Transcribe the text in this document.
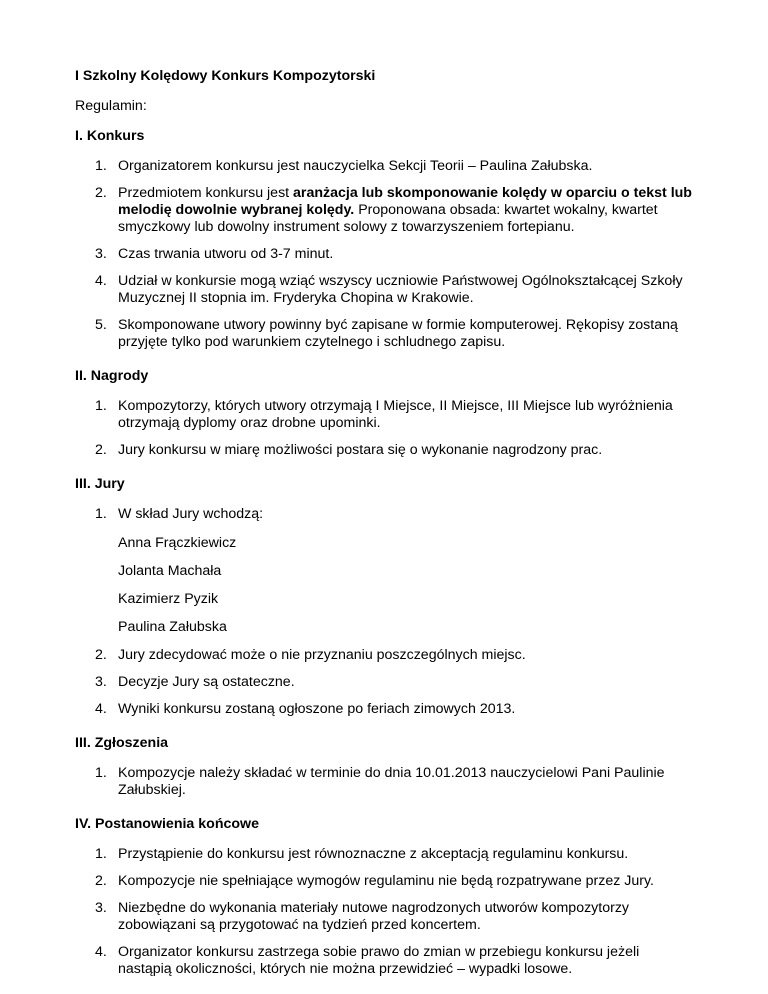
I Szkolny Kolędowy Konkurs Kompozytorski
Regulamin:
I. Konkurs
1. Organizatorem konkursu jest nauczycielka Sekcji Teorii – Paulina Załubska.
2. Przedmiotem konkursu jest aranżacja lub skomponowanie kolędy w oparciu o tekst lub melodię dowolnie wybranej kolędy. Proponowana obsada: kwartet wokalny, kwartet smyczkowy lub dowolny instrument solowy z towarzyszeniem fortepianu.
3. Czas trwania utworu od 3-7 minut.
4. Udział w konkursie mogą wziąć wszyscy uczniowie Państwowej Ogólnokształcącej Szkoły Muzycznej II stopnia im. Fryderyka Chopina w Krakowie.
5. Skomponowane utwory powinny być zapisane w formie komputerowej. Rękopisy zostaną przyjęte tylko pod warunkiem czytelnego i schludnego zapisu.
II. Nagrody
1. Kompozytorzy, których utwory otrzymają I Miejsce, II Miejsce, III Miejsce lub wyróżnienia otrzymają dyplomy oraz drobne upominki.
2. Jury konkursu w miarę możliwości postara się o wykonanie nagrodzony prac.
III. Jury
1. W skład Jury wchodzą:
Anna Frączkiewicz
Jolanta Machała
Kazimierz Pyzik
Paulina Załubska
2. Jury zdecydować może o nie przyznaniu poszczególnych miejsc.
3. Decyzje Jury są ostateczne.
4. Wyniki konkursu zostaną ogłoszone po feriach zimowych 2013.
III. Zgłoszenia
1. Kompozycje należy składać w terminie do dnia 10.01.2013 nauczycielowi Pani Paulinie Załubskiej.
IV. Postanowienia końcowe
1. Przystąpienie do konkursu jest równoznaczne z akceptacją regulaminu konkursu.
2. Kompozycje nie spełniające wymogów regulaminu nie będą rozpatrywane przez Jury.
3. Niezbędne do wykonania materiały nutowe nagrodzonych utworów kompozytorzy zobowiązani są przygotować na tydzień przed koncertem.
4. Organizator konkursu zastrzega sobie prawo do zmian w przebiegu konkursu jeżeli nastąpią okoliczności, których nie można przewidzieć – wypadki losowe.
